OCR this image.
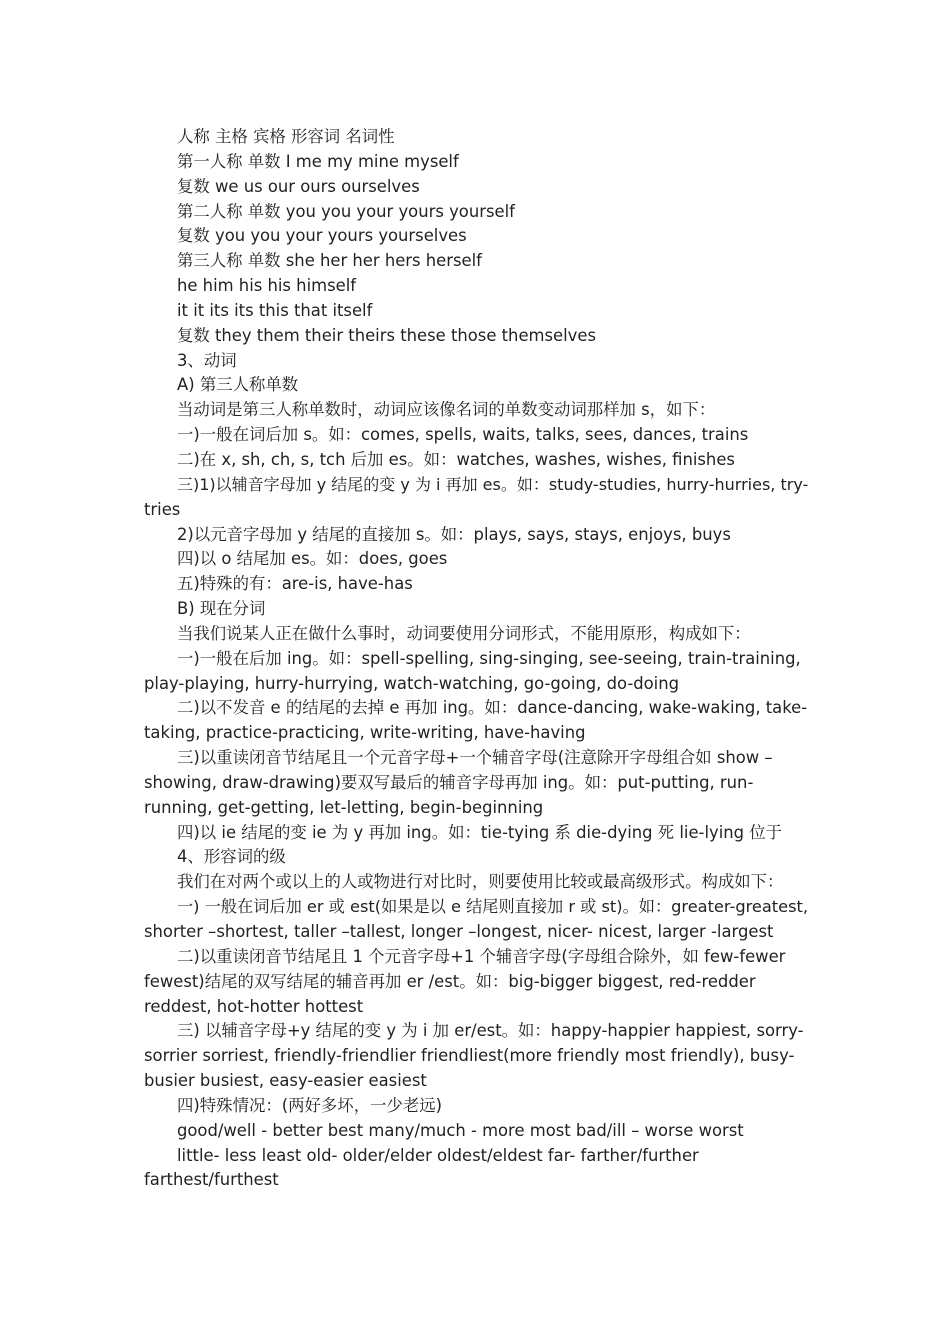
人称 主格 宾格 形容词 名词性
第一人称 单数 I me my mine myself
复数 we us our ours ourselves
第二人称 单数 you you your yours yourself
复数 you you your yours yourselves
第三人称 单数 she her her hers herself
he him his his himself
it it its its this that itself
复数 they them their theirs these those themselves
3、动词
A) 第三人称单数
当动词是第三人称单数时，动词应该像名词的单数变动词那样加 s，如下：
一)一般在词后加 s。如：comes, spells, waits, talks, sees, dances, trains
二)在 x, sh, ch, s, tch 后加 es。如：watches, washes, wishes, finishes
三)1)以辅音字母加 y 结尾的变 y 为 i 再加 es。如：study-studies, hurry-hurries, try-
tries
2)以元音字母加 y 结尾的直接加 s。如：plays, says, stays, enjoys, buys
四)以 o 结尾加 es。如：does, goes
五)特殊的有：are-is, have-has
B) 现在分词
当我们说某人正在做什么事时，动词要使用分词形式，不能用原形，构成如下：
一)一般在后加 ing。如：spell-spelling, sing-singing, see-seeing, train-training,
play-playing, hurry-hurrying, watch-watching, go-going, do-doing
二)以不发音 e 的结尾的去掉 e 再加 ing。如：dance-dancing, wake-waking, take-
taking, practice-practicing, write-writing, have-having
三)以重读闭音节结尾且一个元音字母+一个辅音字母(注意除开字母组合如 show –
showing, draw-drawing)要双写最后的辅音字母再加 ing。如：put-putting, run-
running, get-getting, let-letting, begin-beginning
四)以 ie 结尾的变 ie 为 y 再加 ing。如：tie-tying 系 die-dying 死 lie-lying 位于
4、形容词的级
我们在对两个或以上的人或物进行对比时，则要使用比较或最高级形式。构成如下：
一) 一般在词后加 er 或 est(如果是以 e 结尾则直接加 r 或 st)。如：greater-greatest,
shorter –shortest, taller –tallest, longer –longest, nicer- nicest, larger -largest
二)以重读闭音节结尾且 1 个元音字母+1 个辅音字母(字母组合除外，如 few-fewer
fewest)结尾的双写结尾的辅音再加 er /est。如：big-bigger biggest, red-redder
reddest, hot-hotter hottest
三) 以辅音字母+y 结尾的变 y 为 i 加 er/est。如：happy-happier happiest, sorry-
sorrier sorriest, friendly-friendlier friendliest(more friendly most friendly), busy-
busier busiest, easy-easier easiest
四)特殊情况：(两好多坏，一少老远)
good/well - better best many/much - more most bad/ill – worse worst
little- less least old- older/elder oldest/eldest far- farther/further
farthest/furthest
